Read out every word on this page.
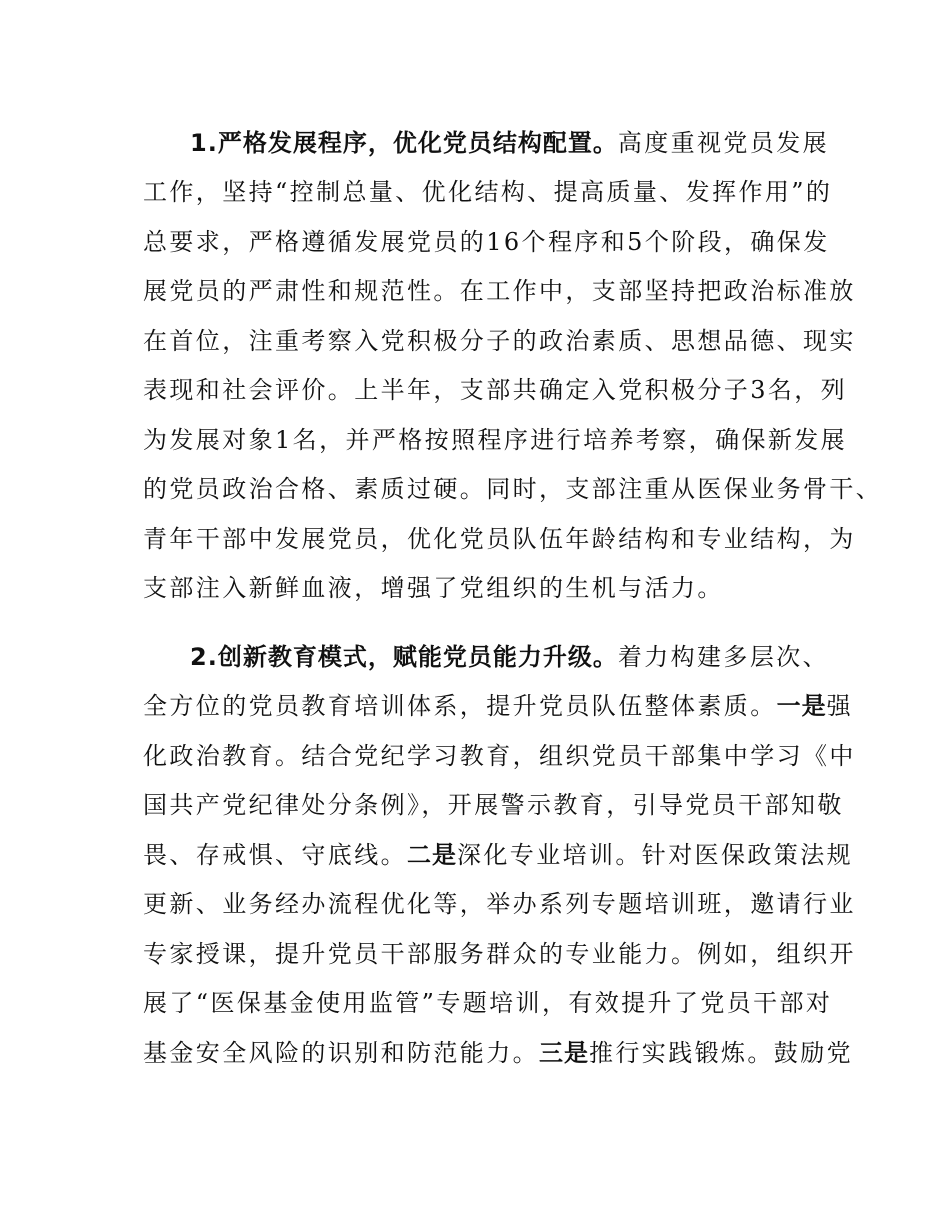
1.严格发展程序，优化党员结构配置。高度重视党员发展
工作，坚持“控制总量、优化结构、提高质量、发挥作用”的
总要求，严格遵循发展党员的16个程序和5个阶段，确保发
展党员的严肃性和规范性。在工作中，支部坚持把政治标准放
在首位，注重考察入党积极分子的政治素质、思想品德、现实
表现和社会评价。上半年，支部共确定入党积极分子3名，列
为发展对象1名，并严格按照程序进行培养考察，确保新发展
的党员政治合格、素质过硬。同时，支部注重从医保业务骨干、
青年干部中发展党员，优化党员队伍年龄结构和专业结构，为
支部注入新鲜血液，增强了党组织的生机与活力。
2.创新教育模式，赋能党员能力升级。着力构建多层次、
全方位的党员教育培训体系，提升党员队伍整体素质。一是强
化政治教育。结合党纪学习教育，组织党员干部集中学习《中
国共产党纪律处分条例》，开展警示教育，引导党员干部知敬
畏、存戒惧、守底线。二是深化专业培训。针对医保政策法规
更新、业务经办流程优化等，举办系列专题培训班，邀请行业
专家授课，提升党员干部服务群众的专业能力。例如，组织开
展了“医保基金使用监管”专题培训，有效提升了党员干部对
基金安全风险的识别和防范能力。三是推行实践锻炼。鼓励党
